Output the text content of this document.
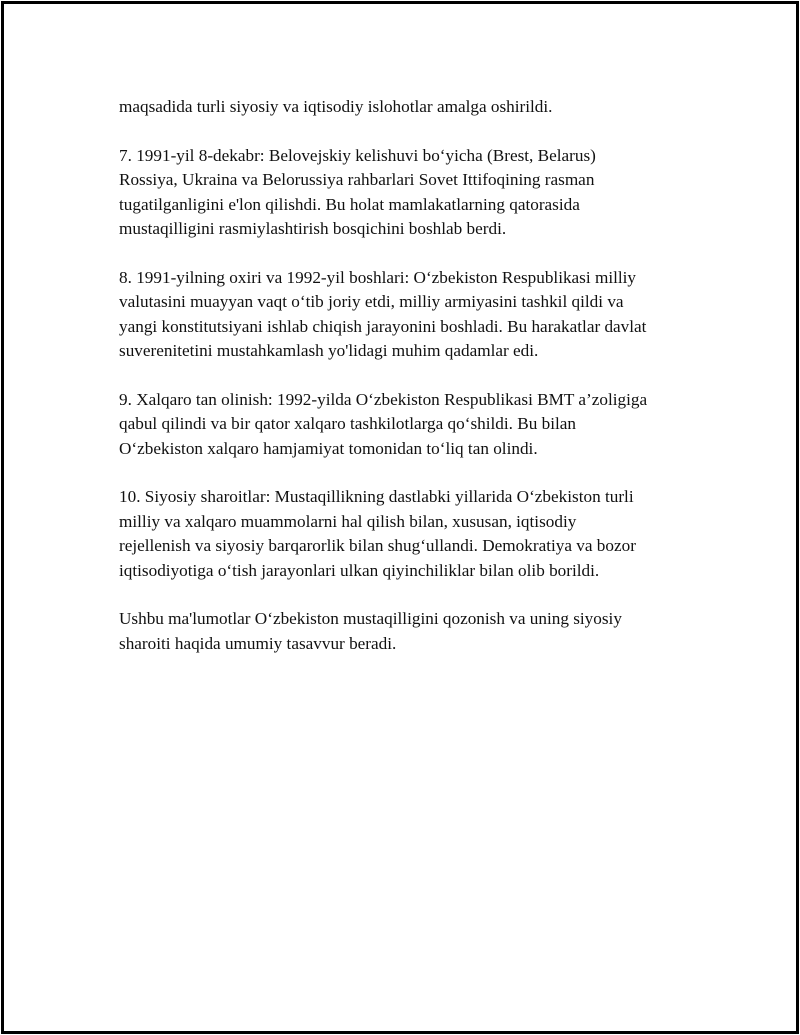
maqsadida turli siyosiy va iqtisodiy islohotlar amalga oshirildi.

7. 1991-yil 8-dekabr: Belovejskiy kelishuvi bo‘yicha (Brest, Belarus)
Rossiya, Ukraina va Belorussiya rahbarlari Sovet Ittifoqining rasman
tugatilganligini e'lon qilishdi. Bu holat mamlakatlarning qatorasida
mustaqilligini rasmiylashtirish bosqichini boshlab berdi.

8. 1991-yilning oxiri va 1992-yil boshlari: O‘zbekiston Respublikasi milliy
valutasini muayyan vaqt o‘tib joriy etdi, milliy armiyasini tashkil qildi va
yangi konstitutsiyani ishlab chiqish jarayonini boshladi. Bu harakatlar davlat
suverenitetini mustahkamlash yo'lidagi muhim qadamlar edi.

9. Xalqaro tan olinish: 1992-yilda O‘zbekiston Respublikasi BMT a’zoligiga
qabul qilindi va bir qator xalqaro tashkilotlarga qo‘shildi. Bu bilan
O‘zbekiston xalqaro hamjamiyat tomonidan to‘liq tan olindi.

10. Siyosiy sharoitlar: Mustaqillikning dastlabki yillarida O‘zbekiston turli
milliy va xalqaro muammolarni hal qilish bilan, xususan, iqtisodiy
rejellenish va siyosiy barqarorlik bilan shug‘ullandi. Demokratiya va bozor
iqtisodiyotiga o‘tish jarayonlari ulkan qiyinchiliklar bilan olib borildi.

Ushbu ma'lumotlar O‘zbekiston mustaqilligini qozonish va uning siyosiy
sharoiti haqida umumiy tasavvur beradi.
